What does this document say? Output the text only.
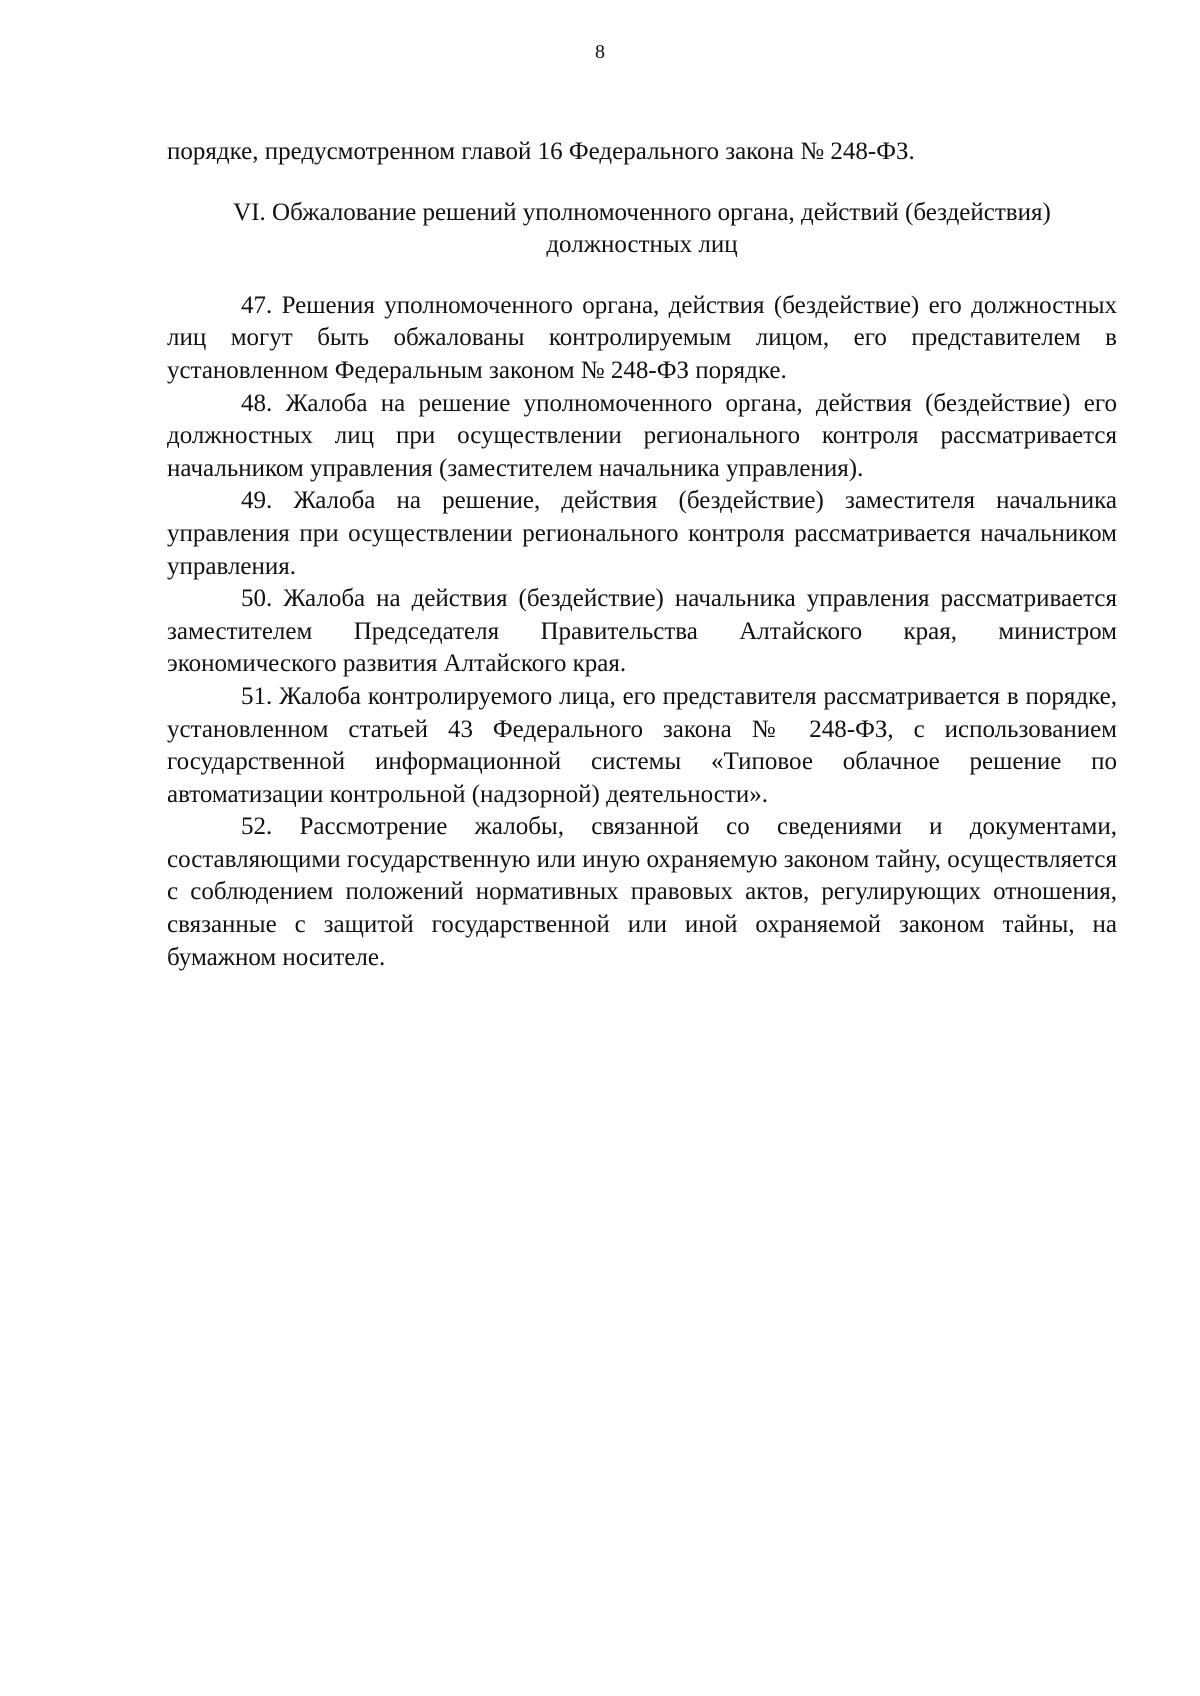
8

порядке, предусмотренном главой 16 Федерального закона № 248-ФЗ.

VI. Обжалование решений уполномоченного органа, действий (бездействия)
должностных лиц

47. Решения уполномоченного органа, действия (бездействие) его должностных лиц могут быть обжалованы контролируемым лицом, его представителем в установленном Федеральным законом № 248-ФЗ порядке.

48. Жалоба на решение уполномоченного органа, действия (бездействие) его должностных лиц при осуществлении регионального контроля рассматривается начальником управления (заместителем начальника управления).

49. Жалоба на решение, действия (бездействие) заместителя начальника управления при осуществлении регионального контроля рассматривается начальником управления.

50. Жалоба на действия (бездействие) начальника управления рассматривается заместителем Председателя Правительства Алтайского края, министром экономического развития Алтайского края.

51. Жалоба контролируемого лица, его представителя рассматривается в порядке, установленном статьей 43 Федерального закона № 248-ФЗ, с использованием государственной информационной системы «Типовое облачное решение по автоматизации контрольной (надзорной) деятельности».

52. Рассмотрение жалобы, связанной со сведениями и документами, составляющими государственную или иную охраняемую законом тайну, осуществляется с соблюдением положений нормативных правовых актов, регулирующих отношения, связанные с защитой государственной или иной охраняемой законом тайны, на бумажном носителе.
